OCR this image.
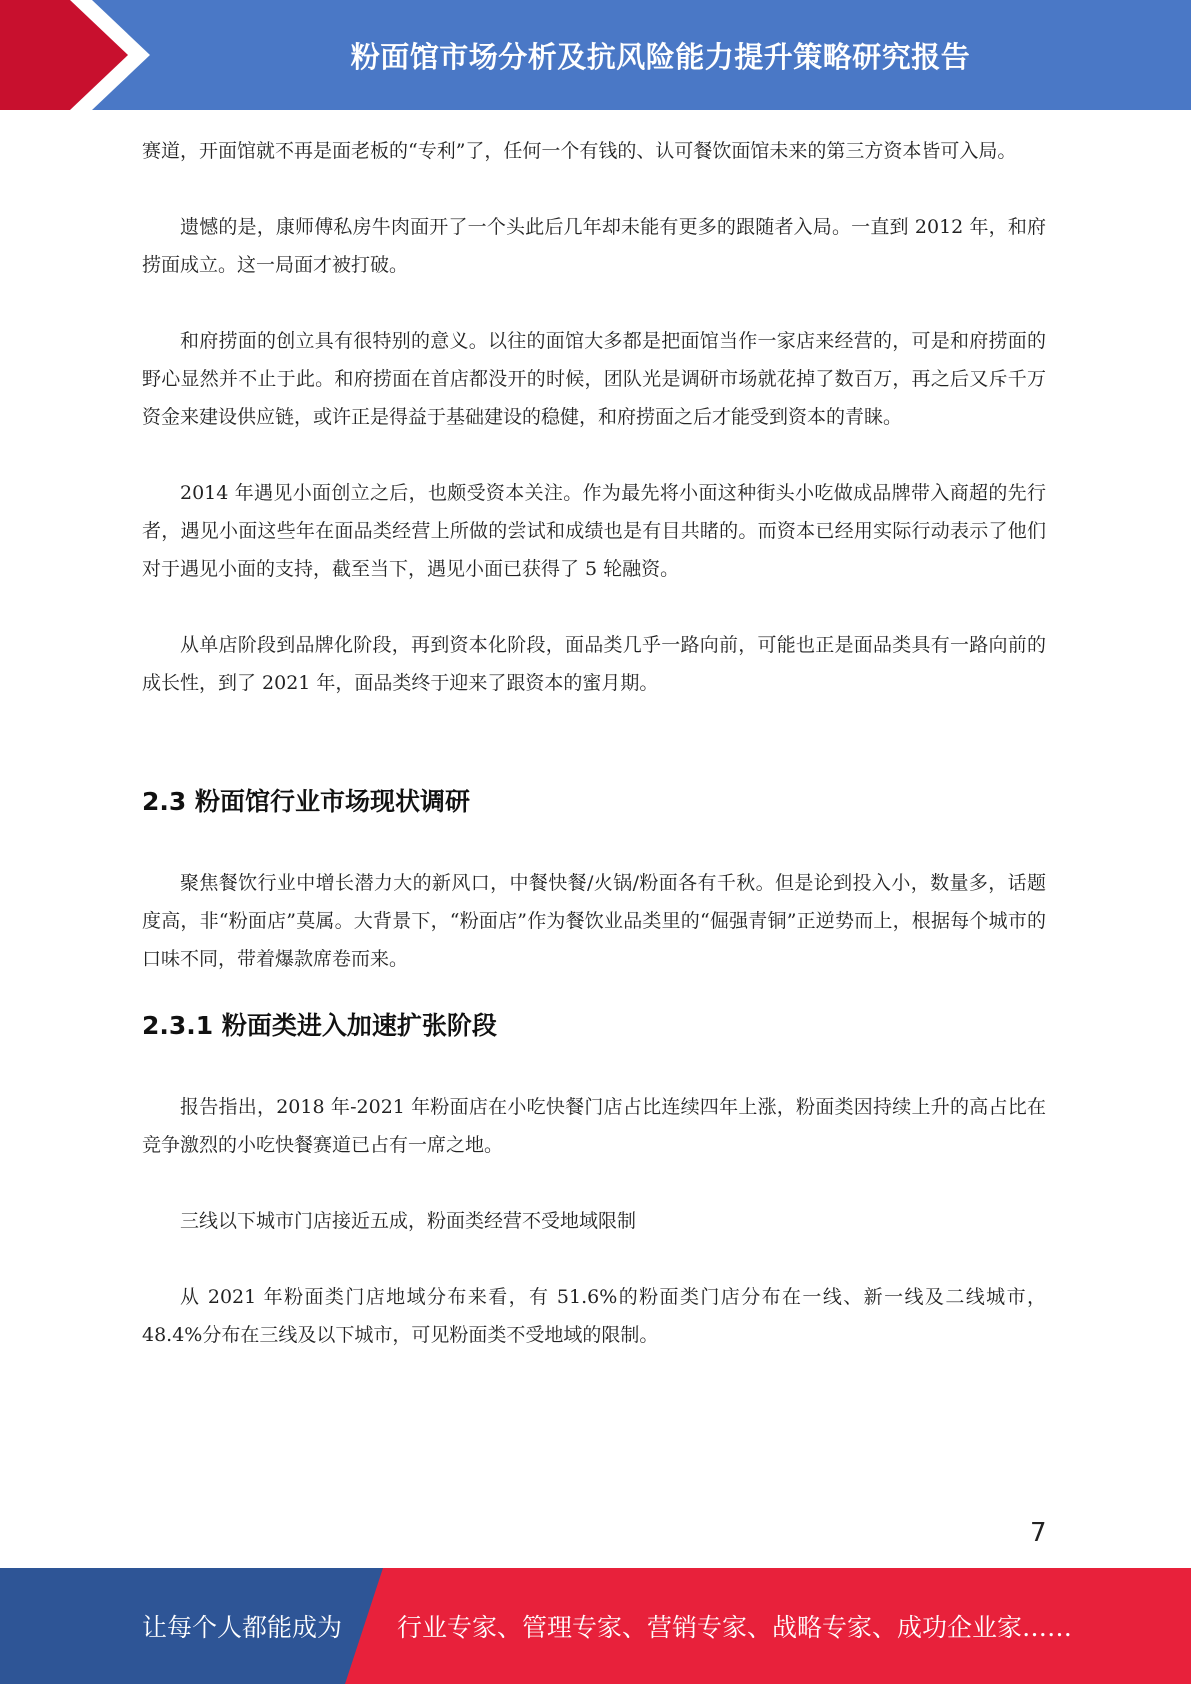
粉面馆市场分析及抗风险能力提升策略研究报告

赛道，开面馆就不再是面老板的“专利”了，任何一个有钱的、认可餐饮面馆未来的第三方资本皆可入局。

遗憾的是，康师傅私房牛肉面开了一个头此后几年却未能有更多的跟随者入局。一直到 2012 年，和府捞面成立。这一局面才被打破。

和府捞面的创立具有很特别的意义。以往的面馆大多都是把面馆当作一家店来经营的，可是和府捞面的野心显然并不止于此。和府捞面在首店都没开的时候，团队光是调研市场就花掉了数百万，再之后又斥千万资金来建设供应链，或许正是得益于基础建设的稳健，和府捞面之后才能受到资本的青睐。

2014 年遇见小面创立之后，也颇受资本关注。作为最先将小面这种街头小吃做成品牌带入商超的先行者，遇见小面这些年在面品类经营上所做的尝试和成绩也是有目共睹的。而资本已经用实际行动表示了他们对于遇见小面的支持，截至当下，遇见小面已获得了 5 轮融资。

从单店阶段到品牌化阶段，再到资本化阶段，面品类几乎一路向前，可能也正是面品类具有一路向前的成长性，到了 2021 年，面品类终于迎来了跟资本的蜜月期。

2.3 粉面馆行业市场现状调研

聚焦餐饮行业中增长潜力大的新风口，中餐快餐/火锅/粉面各有千秋。但是论到投入小，数量多，话题度高，非“粉面店”莫属。大背景下，“粉面店”作为餐饮业品类里的“倔强青铜”正逆势而上，根据每个城市的口味不同，带着爆款席卷而来。

2.3.1 粉面类进入加速扩张阶段

报告指出，2018 年-2021 年粉面店在小吃快餐门店占比连续四年上涨，粉面类因持续上升的高占比在竞争激烈的小吃快餐赛道已占有一席之地。

三线以下城市门店接近五成，粉面类经营不受地域限制

从 2021 年粉面类门店地域分布来看，有 51.6%的粉面类门店分布在一线、新一线及二线城市，48.4%分布在三线及以下城市，可见粉面类不受地域的限制。

7
让每个人都能成为 行业专家、管理专家、营销专家、战略专家、成功企业家……
